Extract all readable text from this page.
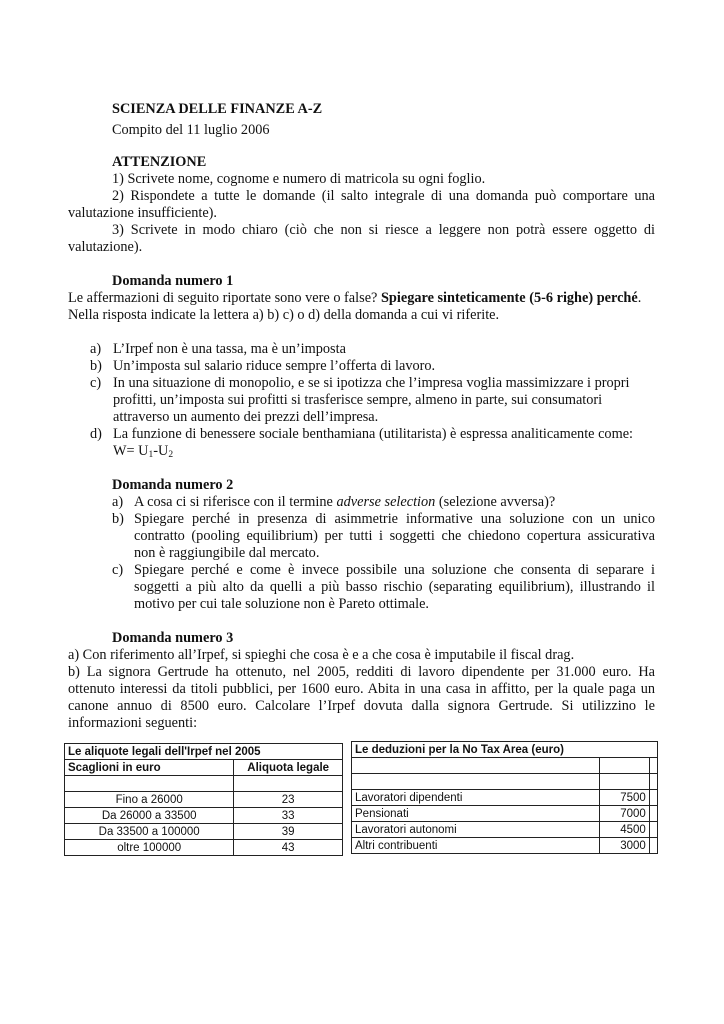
SCIENZA DELLE FINANZE A-Z
Compito del 11 luglio 2006
ATTENZIONE
1) Scrivete nome, cognome e numero di matricola su ogni foglio.
2) Rispondete a tutte le domande (il salto integrale di una domanda può comportare una
valutazione insufficiente).
3) Scrivete in modo chiaro (ciò che non si riesce a leggere non potrà essere oggetto di
valutazione).
Domanda numero 1
Le affermazioni di seguito riportate sono vere o false? Spiegare sinteticamente (5-6 righe) perché.
Nella risposta indicate la lettera a) b) c) o d) della domanda a cui vi riferite.
a) L’Irpef non è una tassa, ma è un’imposta
b) Un’imposta sul salario riduce sempre l’offerta di lavoro.
c) In una situazione di monopolio, e se si ipotizza che l’impresa voglia massimizzare i propri
profitti, un’imposta sui profitti si trasferisce sempre, almeno in parte, sui consumatori
attraverso un aumento dei prezzi dell’impresa.
d) La funzione di benessere sociale benthamiana (utilitarista) è espressa analiticamente come:
$W= U_1-U_2$
Domanda numero 2
a) A cosa ci si riferisce con il termine adverse selection (selezione avversa)?
b) Spiegare perché in presenza di asimmetrie informative una soluzione con un unico
contratto (pooling equilibrium) per tutti i soggetti che chiedono copertura assicurativa
non è raggiungibile dal mercato.
c) Spiegare perché e come è invece possibile una soluzione che consenta di separare i
soggetti a più alto da quelli a più basso rischio (separating equilibrium), illustrando il
motivo per cui tale soluzione non è Pareto ottimale.
Domanda numero 3
a) Con riferimento all’Irpef, si spieghi che cosa è e a che cosa è imputabile il fiscal drag.
b) La signora Gertrude ha ottenuto, nel 2005, redditi di lavoro dipendente per 31.000 euro. Ha
ottenuto interessi da titoli pubblici, per 1600 euro. Abita in una casa in affitto, per la quale paga un
canone annuo di 8500 euro. Calcolare l’Irpef dovuta dalla signora Gertrude. Si utilizzino le
informazioni seguenti:
Le aliquote legali dell'Irpef nel 2005	
Scaglioni in euro	Aliquota legale

Fino a 26000	23
Da 26000 a 33500	33
Da 33500 a 100000	39
oltre 100000	43
Le deduzioni per la No Tax Area (euro)		

Lavoratori dipendenti	7500	
Pensionati	7000	
Lavoratori autonomi	4500	
Altri contribuenti	3000	
